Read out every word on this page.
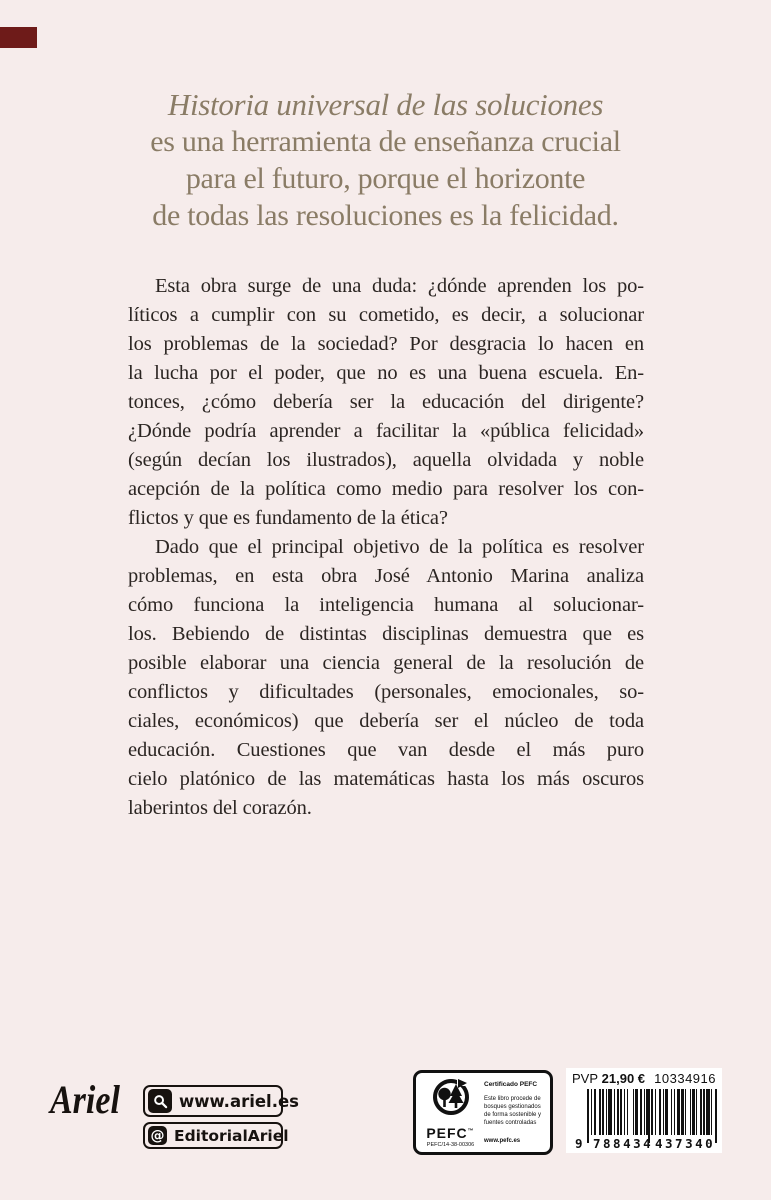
Historia universal de las soluciones
es una herramienta de enseñanza crucial
para el futuro, porque el horizonte
de todas las resoluciones es la felicidad.
Esta obra surge de una duda: ¿dónde aprenden los po-
líticos a cumplir con su cometido, es decir, a solucionar
los problemas de la sociedad? Por desgracia lo hacen en
la lucha por el poder, que no es una buena escuela. En-
tonces, ¿cómo debería ser la educación del dirigente?
¿Dónde podría aprender a facilitar la «pública felicidad»
(según decían los ilustrados), aquella olvidada y noble
acepción de la política como medio para resolver los con-
flictos y que es fundamento de la ética?
Dado que el principal objetivo de la política es resolver
problemas, en esta obra José Antonio Marina analiza
cómo funciona la inteligencia humana al solucionar-
los. Bebiendo de distintas disciplinas demuestra que es
posible elaborar una ciencia general de la resolución de
conflictos y dificultades (personales, emocionales, so-
ciales, económicos) que debería ser el núcleo de toda
educación. Cuestiones que van desde el más puro
cielo platónico de las matemáticas hasta los más oscuros
laberintos del corazón.
Ariel	www.ariel.es
@ EditorialAriel	PEFC™
PEFC/14-38-00306
Certificado PEFC
Este libro procede de bosques gestionados de forma sostenible y fuentes controladas
www.pefc.es
PVP 21,90 € 10334916
9 788434 437340
